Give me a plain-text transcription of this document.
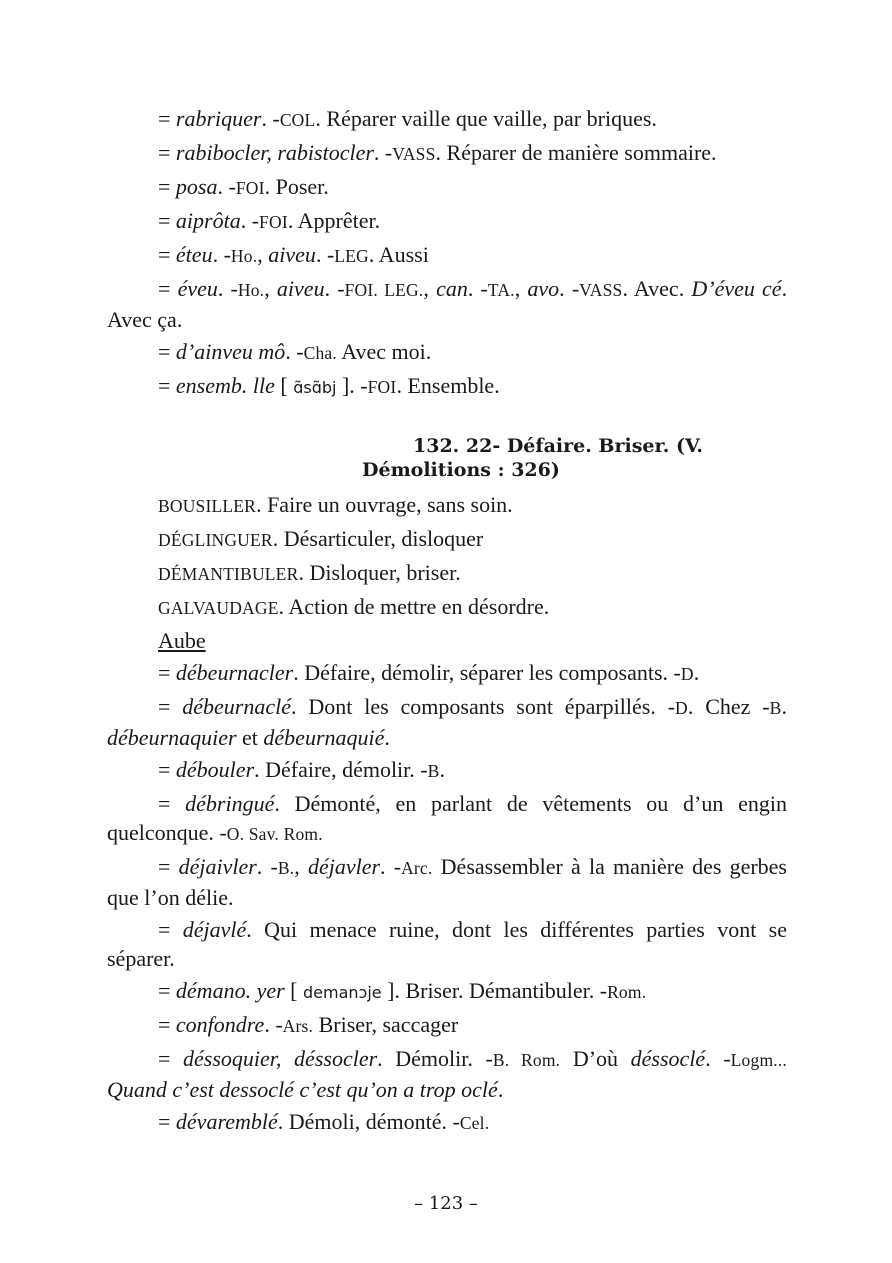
= rabriquer. -COL. Réparer vaille que vaille, par briques.

= rabibocler, rabistocler. -VASS. Réparer de manière sommaire.

= posa. -FOI. Poser.

= aiprôta. -FOI. Apprêter.

= éteu. -Ho., aiveu. -LEG. Aussi

= éveu. -Ho., aiveu. -FOI. LEG., can. -TA., avo. -VASS. Avec. D’éveu cé. Avec ça.

= d’ainveu mô. -Cha. Avec moi.

= ensemb. lle [ ɑ̃sɑ̃bj ]. -FOI. Ensemble.

132. 22- Défaire. Briser. (V.
Démolitions : 326)

BOUSILLER. Faire un ouvrage, sans soin.

DÉGLINGUER. Désarticuler, disloquer

DÉMANTIBULER. Disloquer, briser.

GALVAUDAGE. Action de mettre en désordre.

Aube

= débeurnacler. Défaire, démolir, séparer les composants. -D.

= débeurnaclé. Dont les composants sont éparpillés. -D. Chez -B. débeurnaquier et débeurnaquié.

= débouler. Défaire, démolir. -B.

= débringué. Démonté, en parlant de vêtements ou d’un engin quelconque. -O. Sav. Rom.

= déjaivler. -B., déjavler. -Arc. Désassembler à la manière des gerbes que l’on délie.

= déjavlé. Qui menace ruine, dont les différentes parties vont se séparer.

= démano. yer [ demanɔje ]. Briser. Démantibuler. -Rom.

= confondre. -Ars. Briser, saccager

= déssoquier, déssocler. Démolir. -B. Rom. D’où déssoclé. -Logm... Quand c’est dessoclé c’est qu’on a trop oclé.

= dévaremblé. Démoli, démonté. -Cel.

– 123 –
